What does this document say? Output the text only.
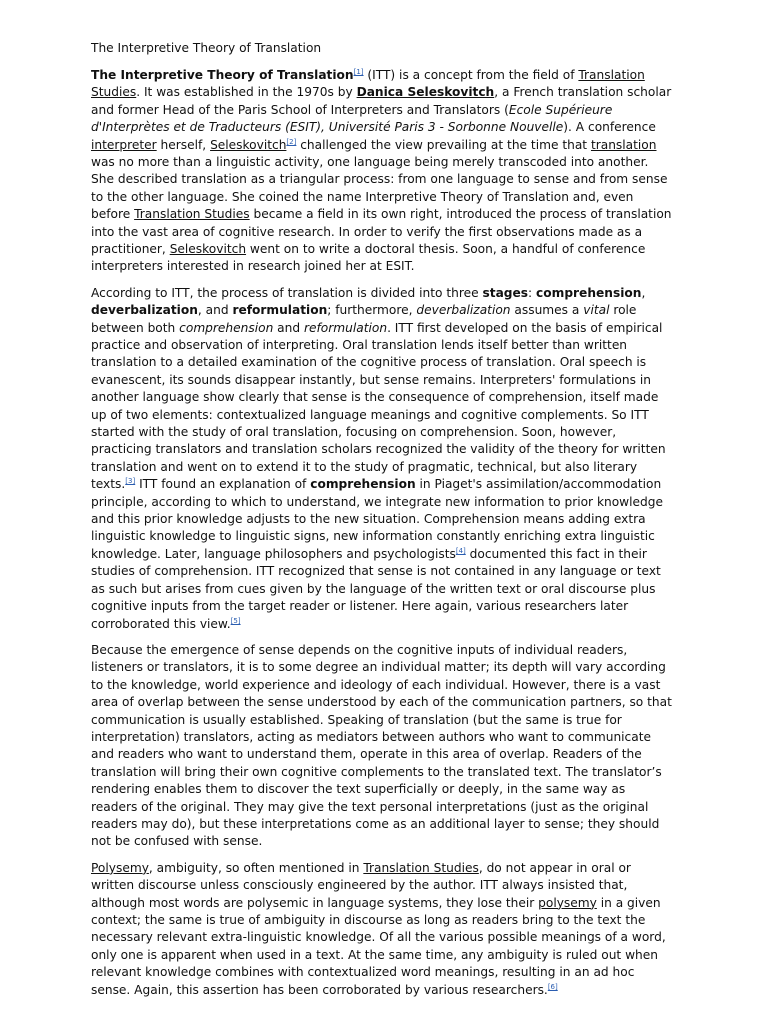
The Interpretive Theory of Translation

The Interpretive Theory of Translation[1] (ITT) is a concept from the field of Translation Studies. It was established in the 1970s by Danica Seleskovitch, a French translation scholar and former Head of the Paris School of Interpreters and Translators (Ecole Supérieure d'Interprètes et de Traducteurs (ESIT), Université Paris 3 - Sorbonne Nouvelle). A conference interpreter herself, Seleskovitch[2] challenged the view prevailing at the time that translation was no more than a linguistic activity, one language being merely transcoded into another. She described translation as a triangular process: from one language to sense and from sense to the other language. She coined the name Interpretive Theory of Translation and, even before Translation Studies became a field in its own right, introduced the process of translation into the vast area of cognitive research. In order to verify the first observations made as a practitioner, Seleskovitch went on to write a doctoral thesis. Soon, a handful of conference interpreters interested in research joined her at ESIT.

According to ITT, the process of translation is divided into three stages: comprehension, deverbalization, and reformulation; furthermore, deverbalization assumes a vital role between both comprehension and reformulation. ITT first developed on the basis of empirical practice and observation of interpreting. Oral translation lends itself better than written translation to a detailed examination of the cognitive process of translation. Oral speech is evanescent, its sounds disappear instantly, but sense remains. Interpreters' formulations in another language show clearly that sense is the consequence of comprehension, itself made up of two elements: contextualized language meanings and cognitive complements. So ITT started with the study of oral translation, focusing on comprehension. Soon, however, practicing translators and translation scholars recognized the validity of the theory for written translation and went on to extend it to the study of pragmatic, technical, but also literary texts.[3] ITT found an explanation of comprehension in Piaget's assimilation/accommodation principle, according to which to understand, we integrate new information to prior knowledge and this prior knowledge adjusts to the new situation. Comprehension means adding extra linguistic knowledge to linguistic signs, new information constantly enriching extra linguistic knowledge. Later, language philosophers and psychologists[4] documented this fact in their studies of comprehension. ITT recognized that sense is not contained in any language or text as such but arises from cues given by the language of the written text or oral discourse plus cognitive inputs from the target reader or listener. Here again, various researchers later corroborated this view.[5]

Because the emergence of sense depends on the cognitive inputs of individual readers, listeners or translators, it is to some degree an individual matter; its depth will vary according to the knowledge, world experience and ideology of each individual. However, there is a vast area of overlap between the sense understood by each of the communication partners, so that communication is usually established. Speaking of translation (but the same is true for interpretation) translators, acting as mediators between authors who want to communicate and readers who want to understand them, operate in this area of overlap. Readers of the translation will bring their own cognitive complements to the translated text. The translator’s rendering enables them to discover the text superficially or deeply, in the same way as readers of the original. They may give the text personal interpretations (just as the original readers may do), but these interpretations come as an additional layer to sense; they should not be confused with sense.

Polysemy, ambiguity, so often mentioned in Translation Studies, do not appear in oral or written discourse unless consciously engineered by the author. ITT always insisted that, although most words are polysemic in language systems, they lose their polysemy in a given context; the same is true of ambiguity in discourse as long as readers bring to the text the necessary relevant extra-linguistic knowledge. Of all the various possible meanings of a word, only one is apparent when used in a text. At the same time, any ambiguity is ruled out when relevant knowledge combines with contextualized word meanings, resulting in an ad hoc sense. Again, this assertion has been corroborated by various researchers.[6]
